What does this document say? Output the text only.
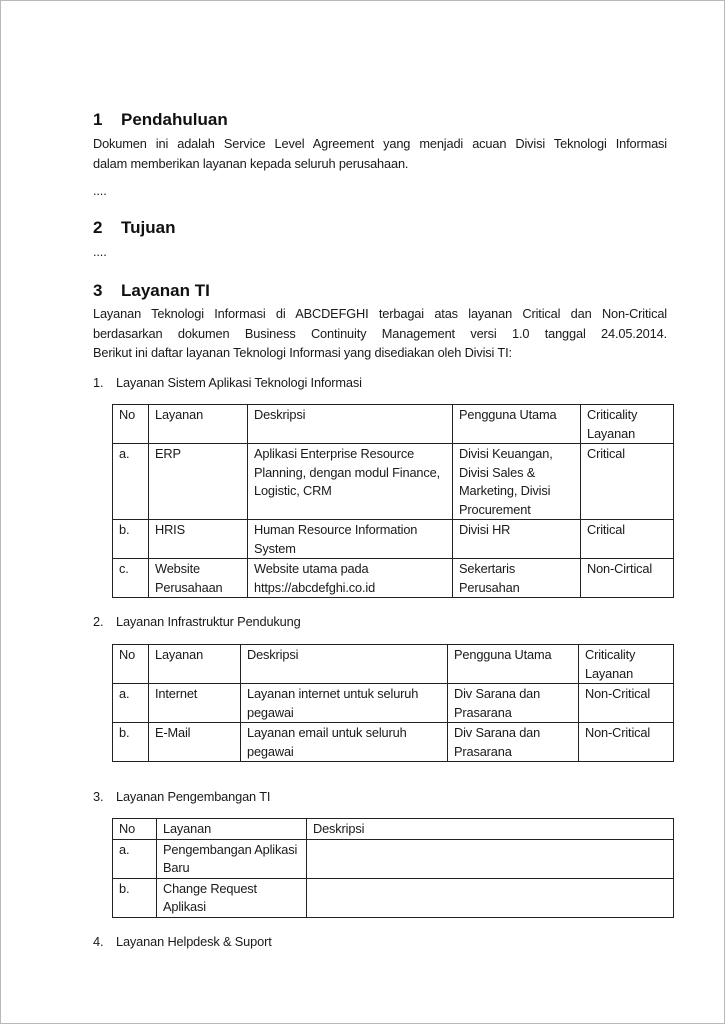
1 Pendahuluan
Dokumen ini adalah Service Level Agreement yang menjadi acuan Divisi Teknologi Informasi
dalam memberikan layanan kepada seluruh perusahaan.
....
2 Tujuan
....
3 Layanan TI
Layanan Teknologi Informasi di ABCDEFGHI terbagai atas layanan Critical dan Non-Critical
berdasarkan dokumen Business Continuity Management versi 1.0 tanggal 24.05.2014.
Berikut ini daftar layanan Teknologi Informasi yang disediakan oleh Divisi TI:
1. Layanan Sistem Aplikasi Teknologi Informasi
No	Layanan	Deskripsi	Pengguna Utama	Criticality Layanan
a.	ERP	Aplikasi Enterprise Resource Planning, dengan modul Finance, Logistic, CRM	Divisi Keuangan, Divisi Sales & Marketing, Divisi Procurement	Critical
b.	HRIS	Human Resource Information System	Divisi HR	Critical
c.	Website Perusahaan	Website utama pada https://abcdefghi.co.id	Sekertaris Perusahan	Non-Cirtical
2. Layanan Infrastruktur Pendukung
No	Layanan	Deskripsi	Pengguna Utama	Criticality Layanan
a.	Internet	Layanan internet untuk seluruh pegawai	Div Sarana dan Prasarana	Non-Critical
b.	E-Mail	Layanan email untuk seluruh pegawai	Div Sarana dan Prasarana	Non-Critical
3. Layanan Pengembangan TI
No	Layanan	Deskripsi
a.	Pengembangan Aplikasi Baru	
b.	Change Request Aplikasi	
4. Layanan Helpdesk & Suport
